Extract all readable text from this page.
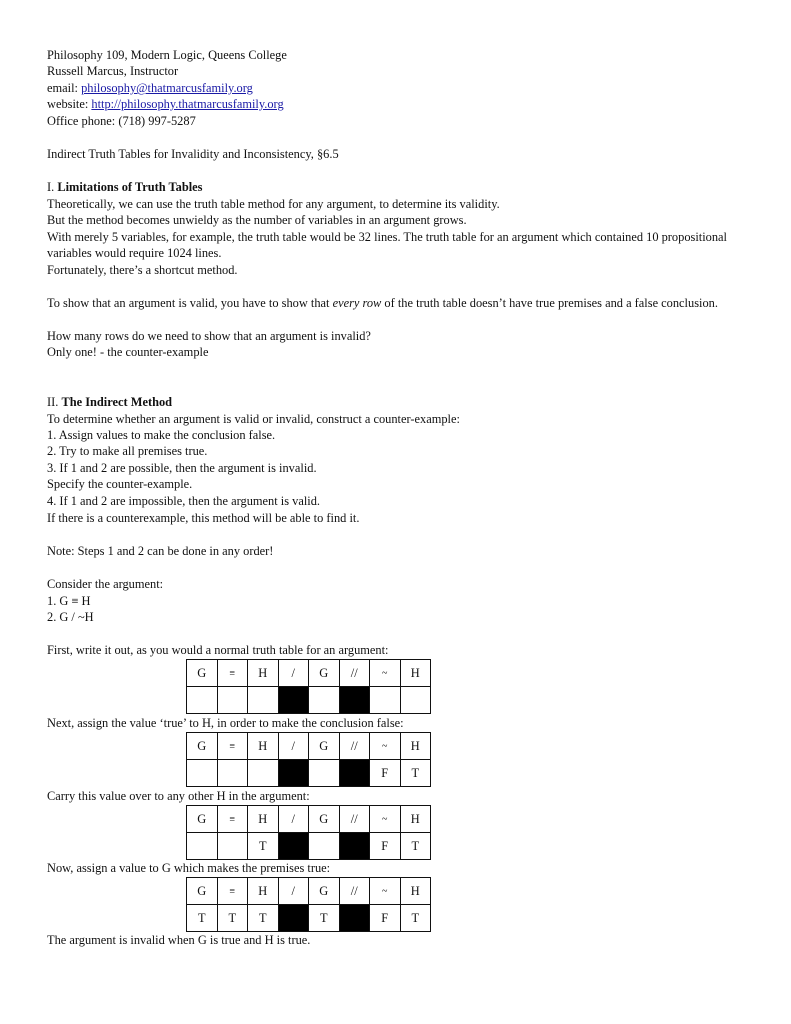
Philosophy 109, Modern Logic, Queens College
Russell Marcus, Instructor
email: philosophy@thatmarcusfamily.org
website: http://philosophy.thatmarcusfamily.org
Office phone: (718) 997-5287
Indirect Truth Tables for Invalidity and Inconsistency, §6.5
I. Limitations of Truth Tables
Theoretically, we can use the truth table method for any argument, to determine its validity.
But the method becomes unwieldy as the number of variables in an argument grows.
With merely 5 variables, for example, the truth table would be 32 lines. The truth table for an argument which contained 10 propositional variables would require 1024 lines.
Fortunately, there’s a shortcut method.
To show that an argument is valid, you have to show that every row of the truth table doesn’t have true premises and a false conclusion.
How many rows do we need to show that an argument is invalid?
Only one! - the counter-example
II. The Indirect Method
To determine whether an argument is valid or invalid, construct a counter-example:
1. Assign values to make the conclusion false.
2. Try to make all premises true.
3. If 1 and 2 are possible, then the argument is invalid.
Specify the counter-example.
4. If 1 and 2 are impossible, then the argument is valid.
If there is a counterexample, this method will be able to find it.
Note: Steps 1 and 2 can be done in any order!
Consider the argument:
1. G ≡ H
2. G / ~H
First, write it out, as you would a normal truth table for an argument:
G	≡	H	/	G	//	~	H

Next, assign the value ‘true’ to H, in order to make the conclusion false:
G	≡	H	/	G	//	~	H
						F	T
Carry this value over to any other H in the argument:
G	≡	H	/	G	//	~	H
		T				F	T
Now, assign a value to G which makes the premises true:
G	≡	H	/	G	//	~	H
T	T	T		T		F	T
The argument is invalid when G is true and H is true.
